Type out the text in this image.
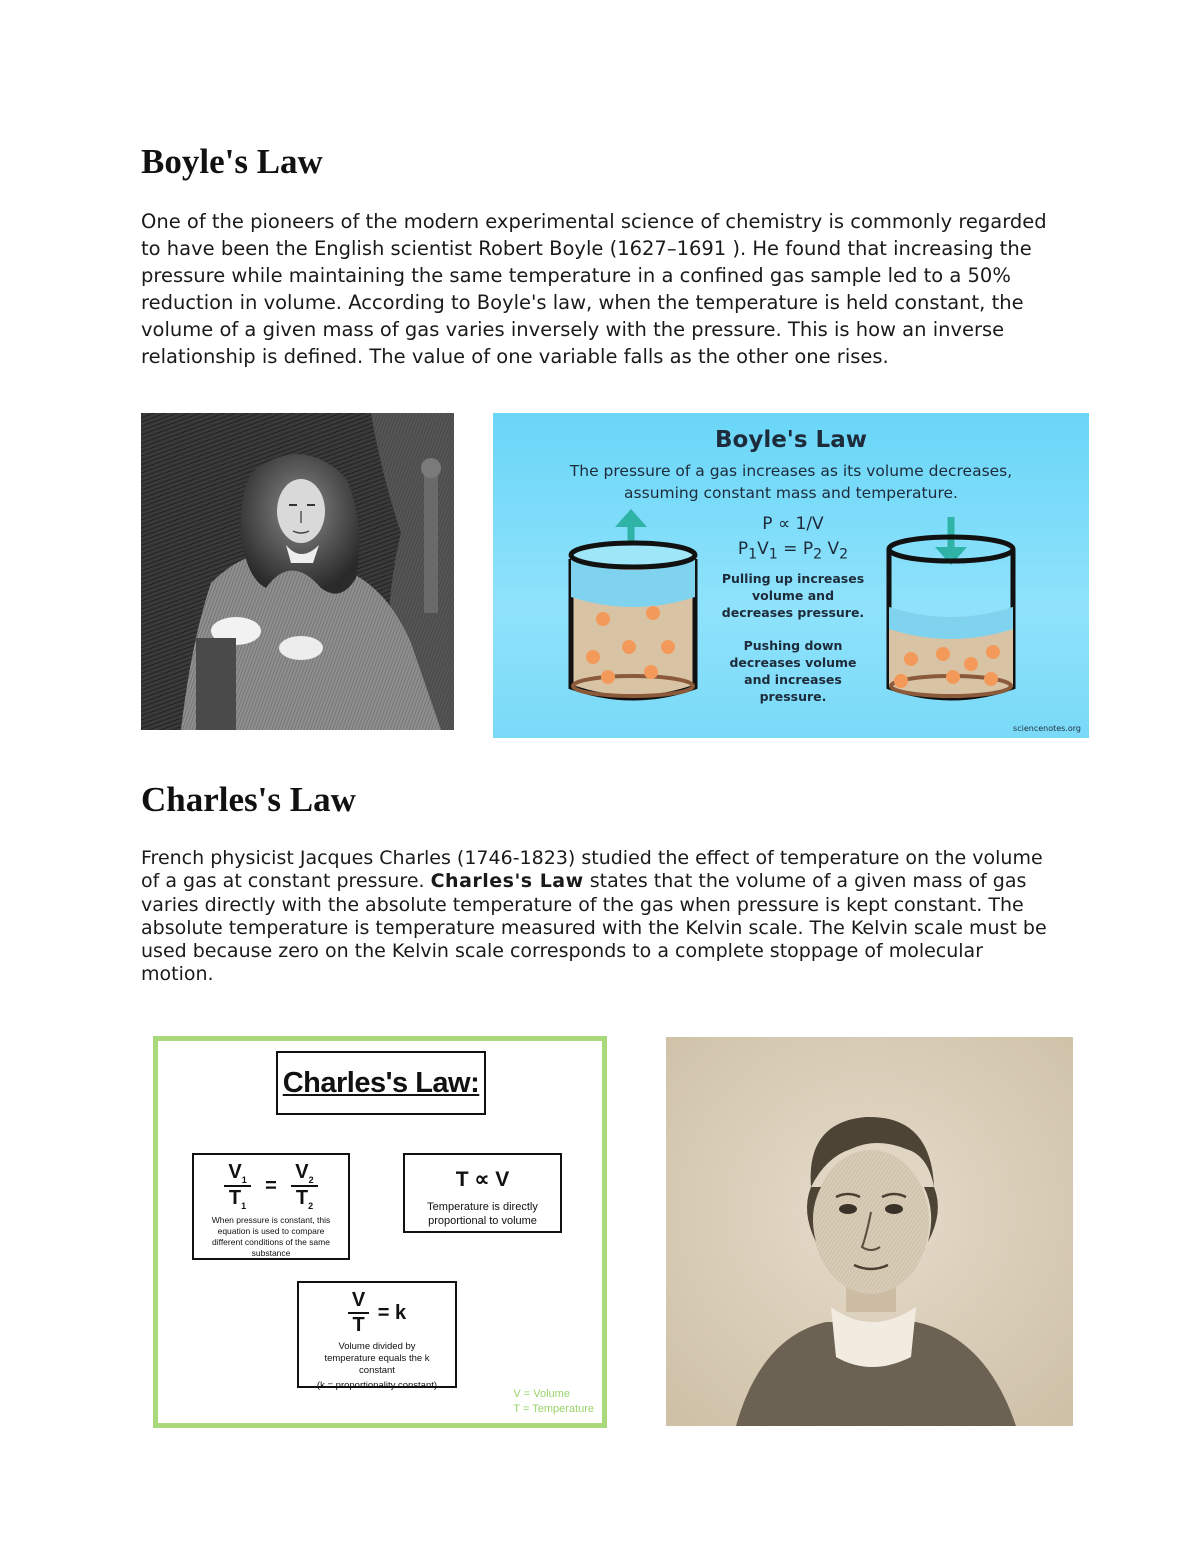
Boyle's Law

One of the pioneers of the modern experimental science of chemistry is commonly regarded to have been the English scientist Robert Boyle (1627–1691 ). He found that increasing the pressure while maintaining the same temperature in a confined gas sample led to a 50% reduction in volume. According to Boyle's law, when the temperature is held constant, the volume of a given mass of gas varies inversely with the pressure. This is how an inverse relationship is defined. The value of one variable falls as the other one rises.

Boyle's Law
The pressure of a gas increases as its volume decreases,
assuming constant mass and temperature.
P ∝ 1/V
$P_1V_1 = P_2$ $V_2$
Pulling up increases
volume and
decreases pressure.
Pushing down
decreases volume
and increases
pressure.
sciencenotes.org
Charles's Law

French physicist Jacques Charles (1746-1823) studied the effect of temperature on the volume of a gas at constant pressure. Charles's Law states that the volume of a given mass of gas varies directly with the absolute temperature of the gas when pressure is kept constant. The absolute temperature is temperature measured with the Kelvin scale. The Kelvin scale must be used because zero on the Kelvin scale corresponds to a complete stoppage of molecular motion.

Charles's Law:
$\frac{V_1}{T_1} = \frac{V_2}{T_2}$
When pressure is constant, this equation is used to compare different conditions of the same substance
T ∝ V
Temperature is directly proportional to volume
$\frac{V}{T} = k$
Volume divided by temperature equals the k constant
(k = proportionality constant)
V = Volume
T = Temperature
